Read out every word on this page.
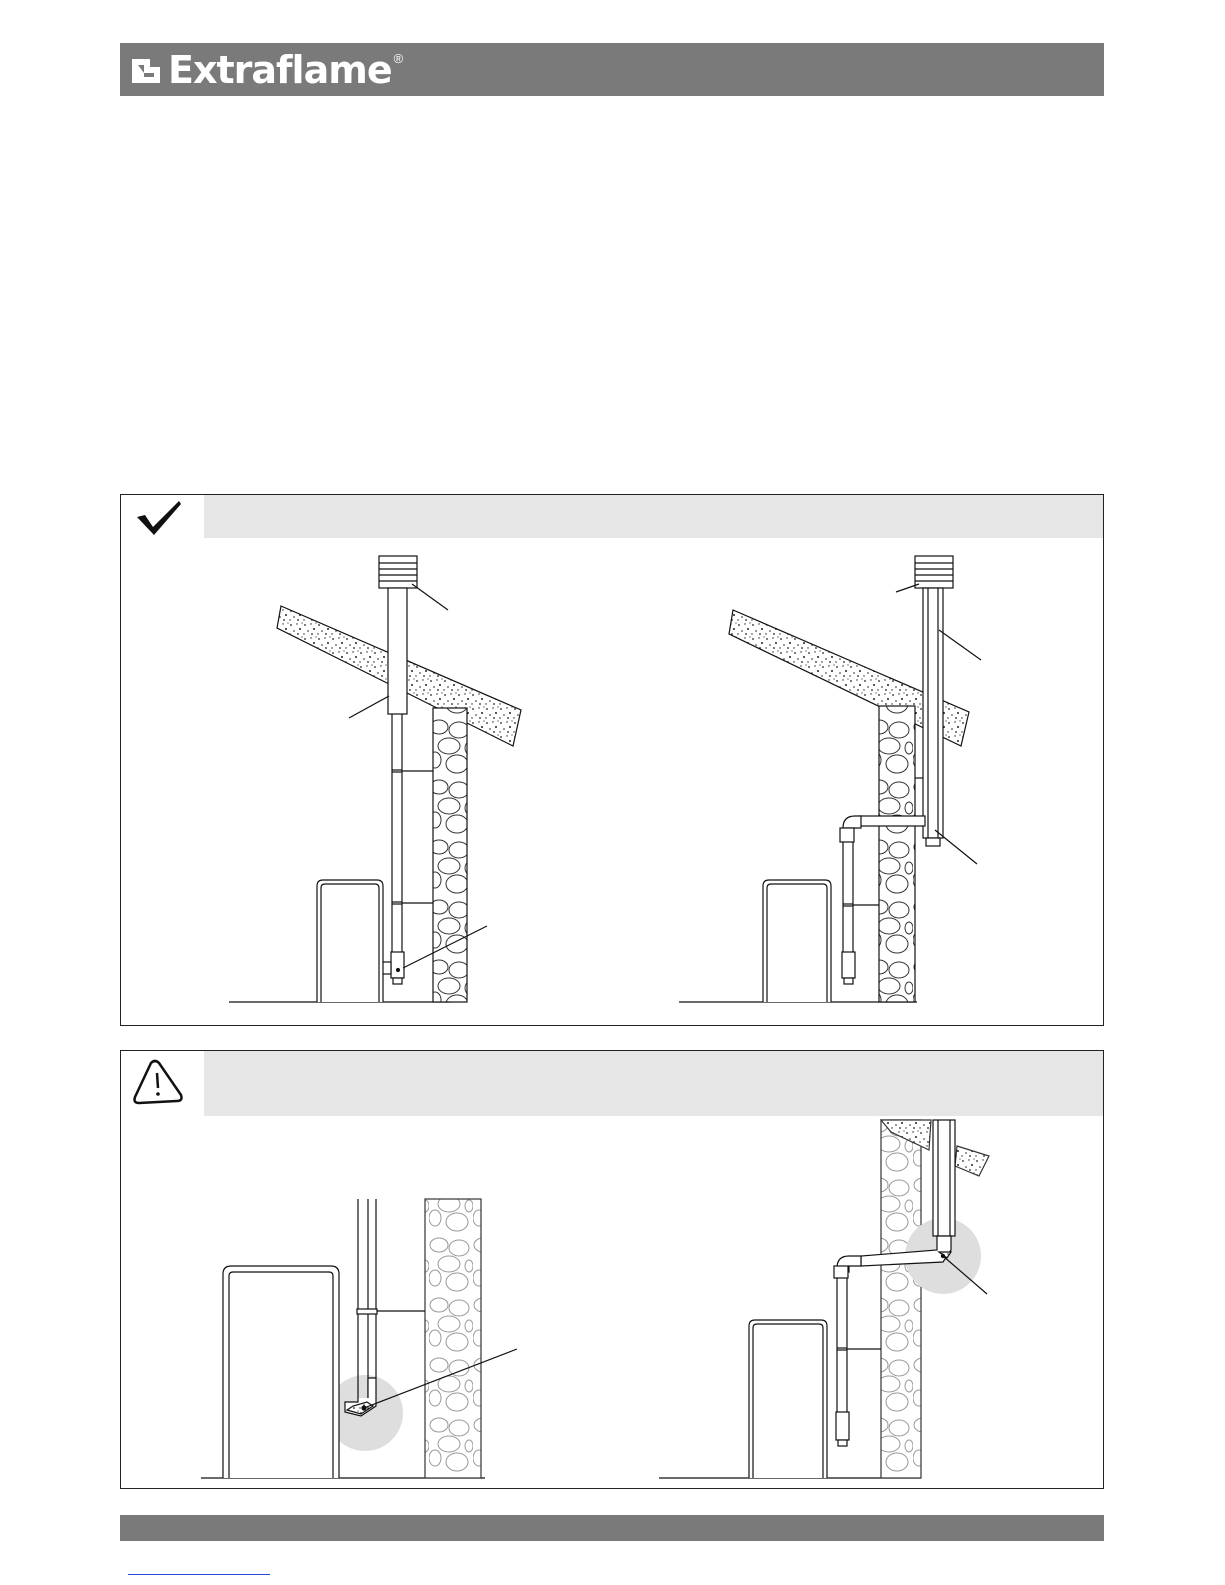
Extraflame ®
